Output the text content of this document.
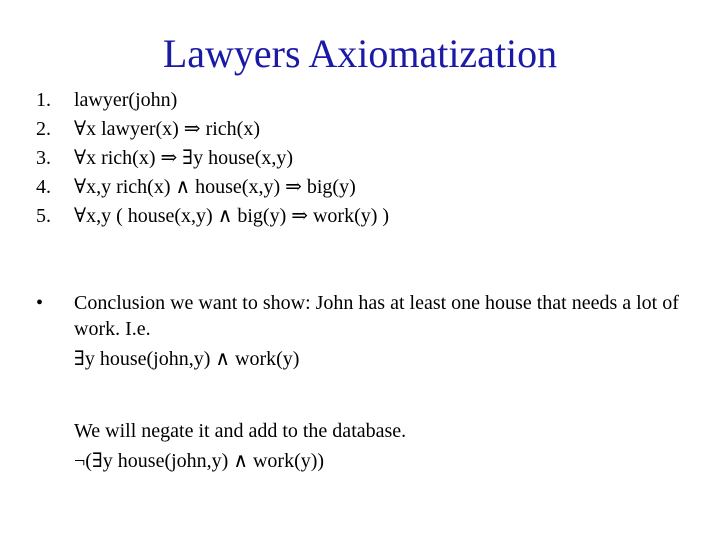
Lawyers Axiomatization
1.	lawyer(john)
2.	∀x lawyer(x) ⇒ rich(x)
3.	∀x rich(x) ⇒ ∃y house(x,y)
4.	∀x,y rich(x) ∧ house(x,y) ⇒ big(y)
5.	∀x,y ( house(x,y) ∧ big(y) ⇒ work(y) )
• Conclusion we want to show: John has at least one house that needs a lot of work. I.e.

∃y house(john,y) ∧ work(y)

We will negate it and add to the database.

¬(∃y house(john,y) ∧ work(y))
